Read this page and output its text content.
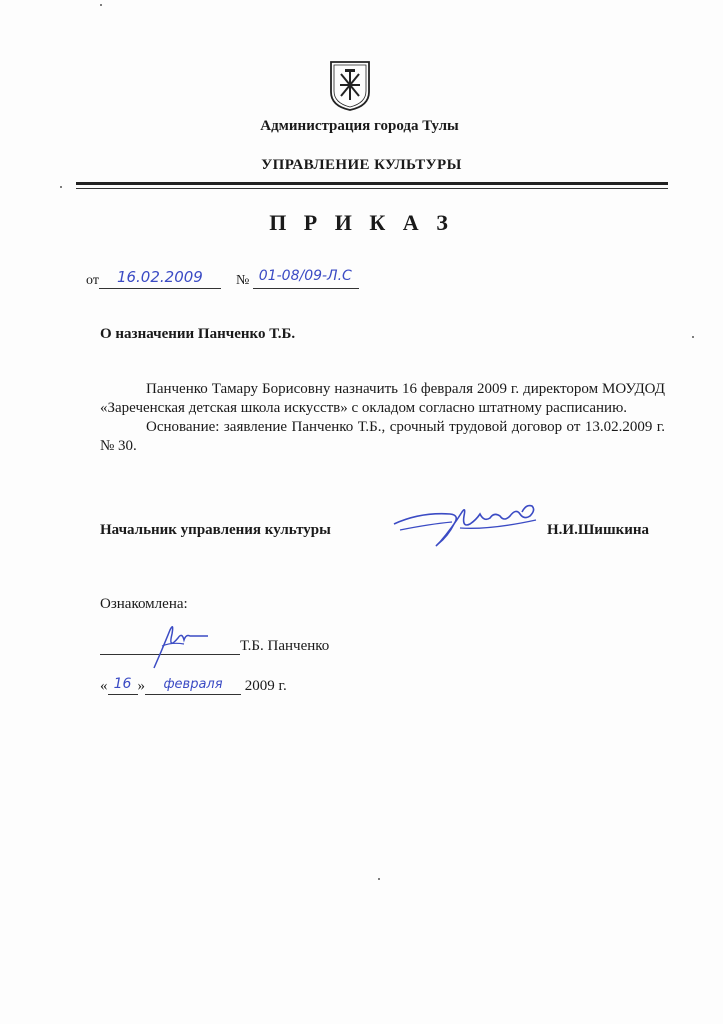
Администрация города Тулы
УПРАВЛЕНИЕ КУЛЬТУРЫ
П Р И К А З
от 16.02.2009 № 01-08/09-Л.С
О назначении Панченко Т.Б.

Панченко Тамару Борисовну назначить 16 февраля 2009 г. директором МОУДОД «Зареченская детская школа искусств» с окладом согласно штатному расписанию.

Основание: заявление Панченко Т.Б., срочный трудовой договор от 13.02.2009 г. № 30.

Начальник управления культуры	Н.И.Шишкина
Ознакомлена:
Т.Б. Панченко
« 16 » февраля 2009 г.
